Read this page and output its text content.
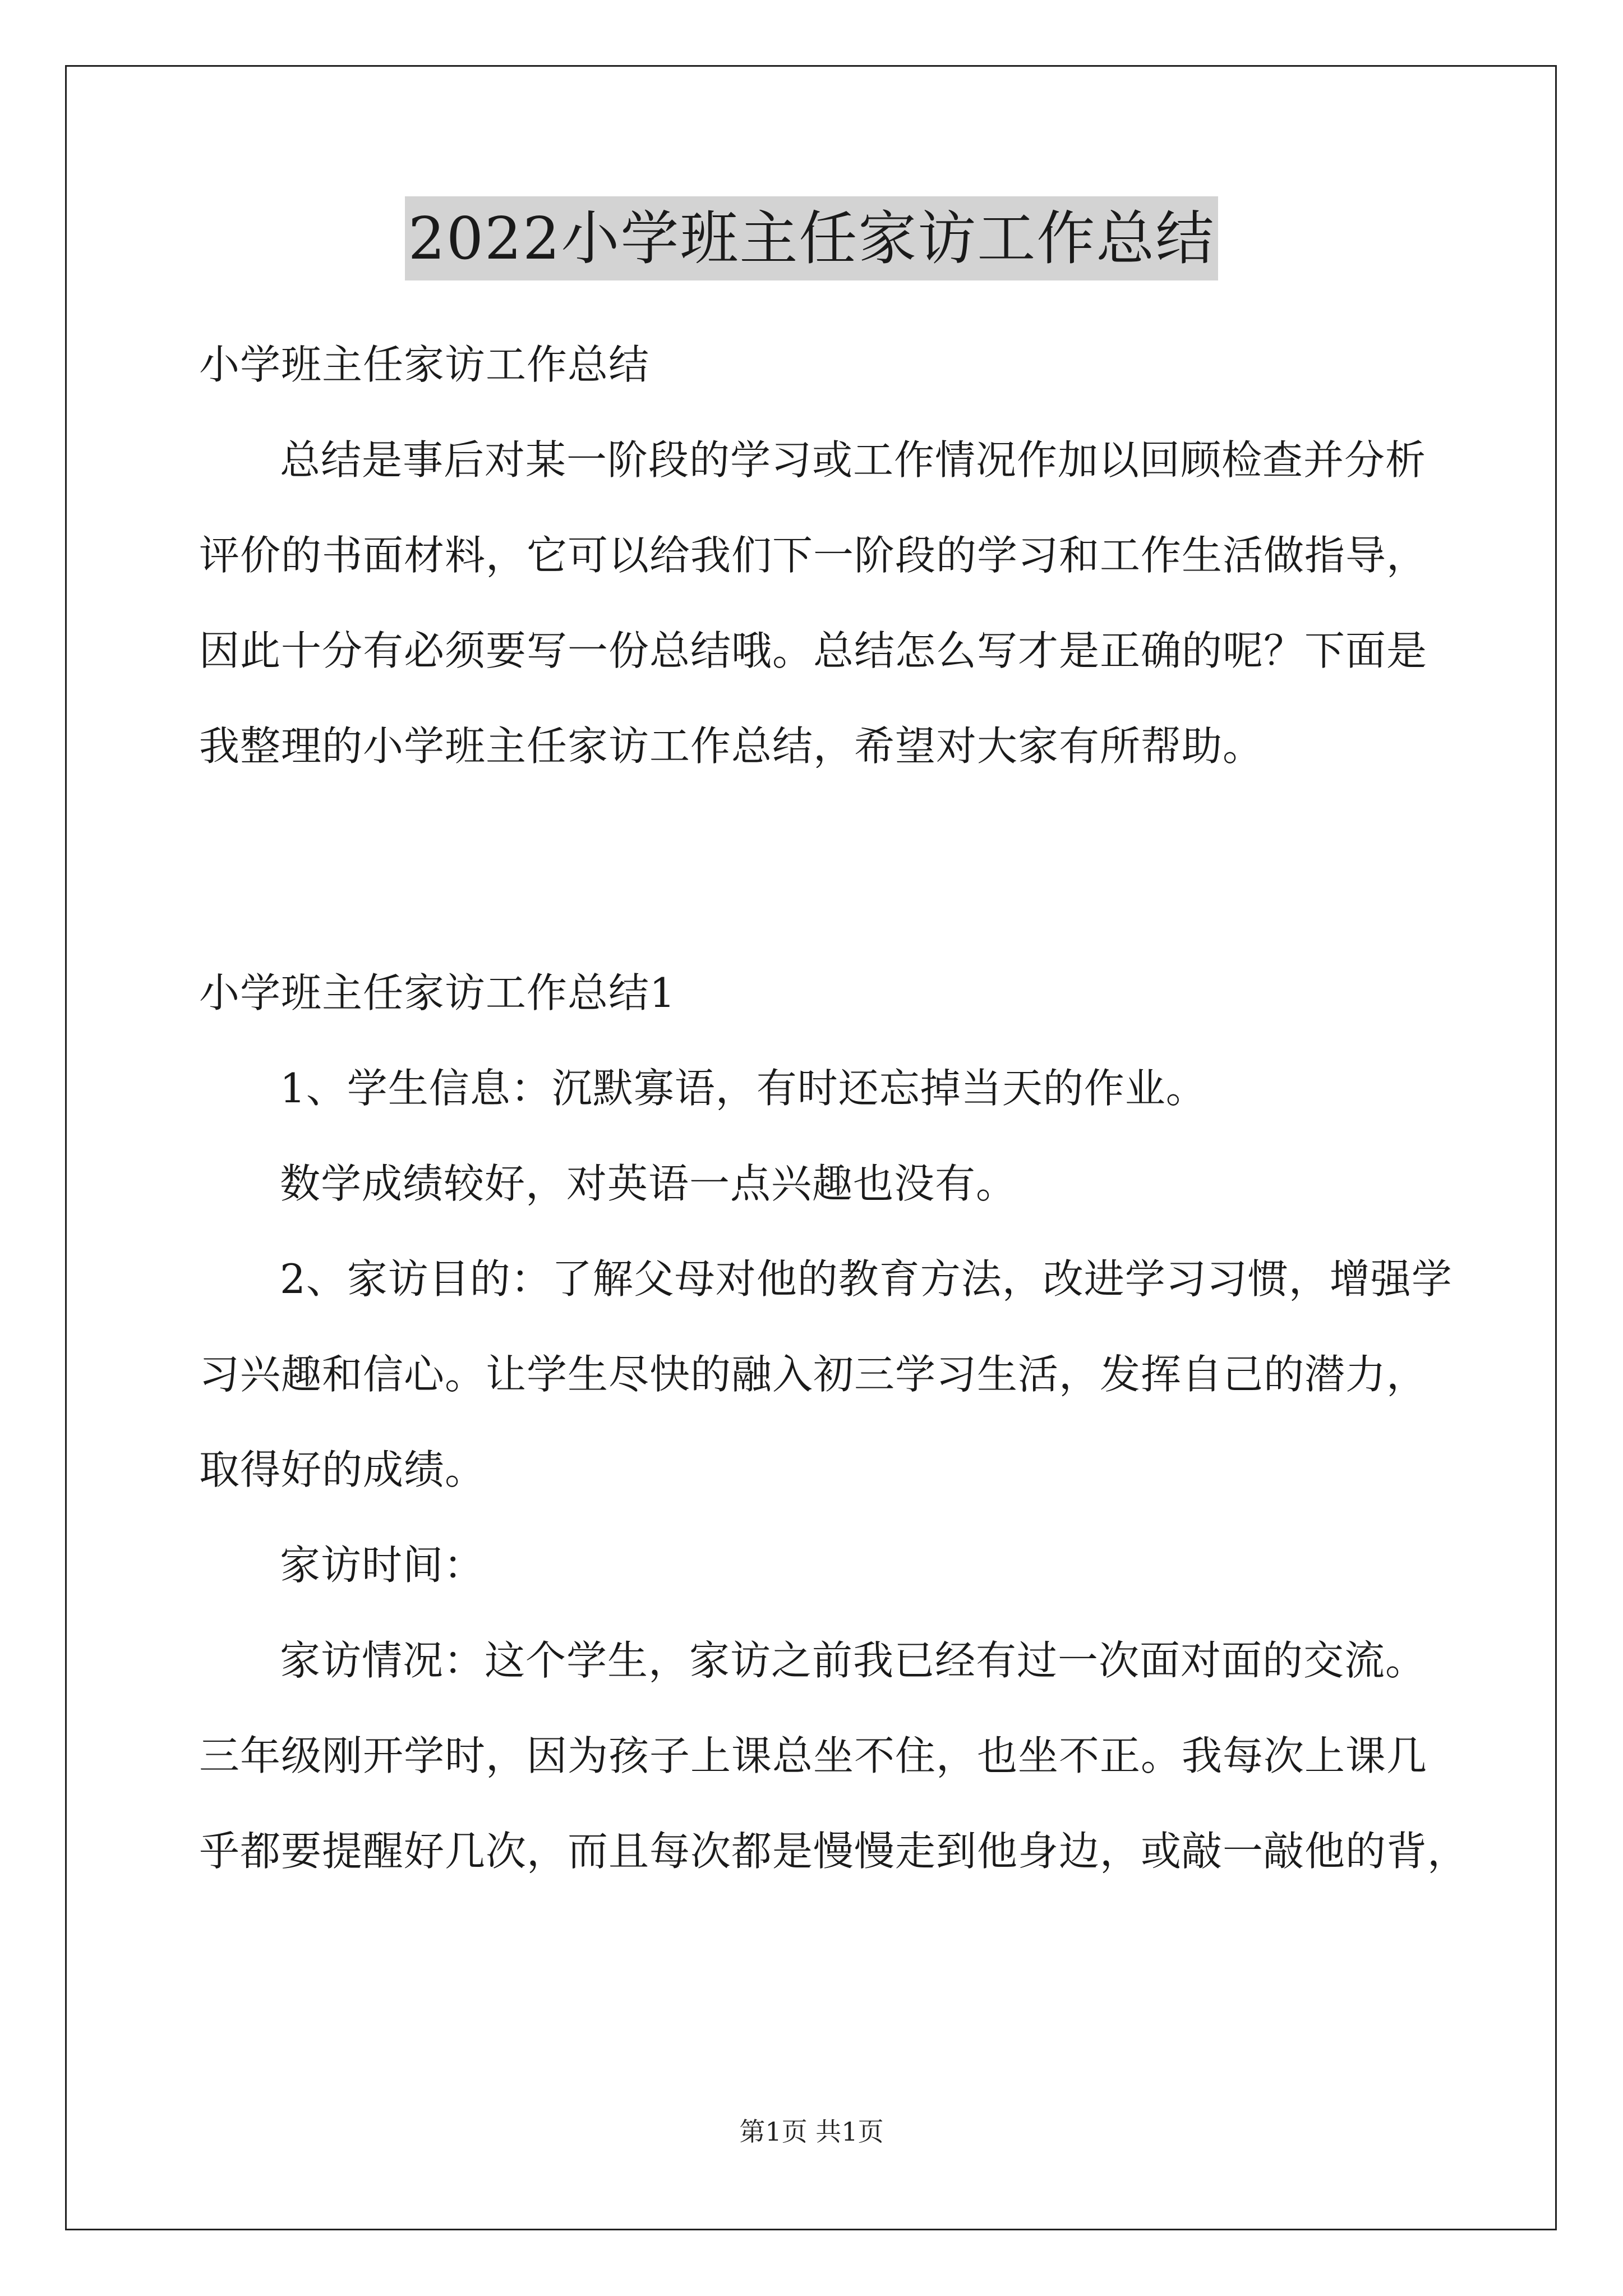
2022小学班主任家访工作总结
小学班主任家访工作总结
总结是事后对某一阶段的学习或工作情况作加以回顾检查并分析
评价的书面材料，它可以给我们下一阶段的学习和工作生活做指导，
因此十分有必须要写一份总结哦。总结怎么写才是正确的呢？下面是
我整理的小学班主任家访工作总结，希望对大家有所帮助。
小学班主任家访工作总结1
1、学生信息：沉默寡语，有时还忘掉当天的作业。
数学成绩较好，对英语一点兴趣也没有。
2、家访目的：了解父母对他的教育方法，改进学习习惯，增强学
习兴趣和信心。让学生尽快的融入初三学习生活，发挥自己的潜力，
取得好的成绩。
家访时间：
家访情况：这个学生，家访之前我已经有过一次面对面的交流。
三年级刚开学时，因为孩子上课总坐不住，也坐不正。我每次上课几
乎都要提醒好几次，而且每次都是慢慢走到他身边，或敲一敲他的背，
第1页 共1页
